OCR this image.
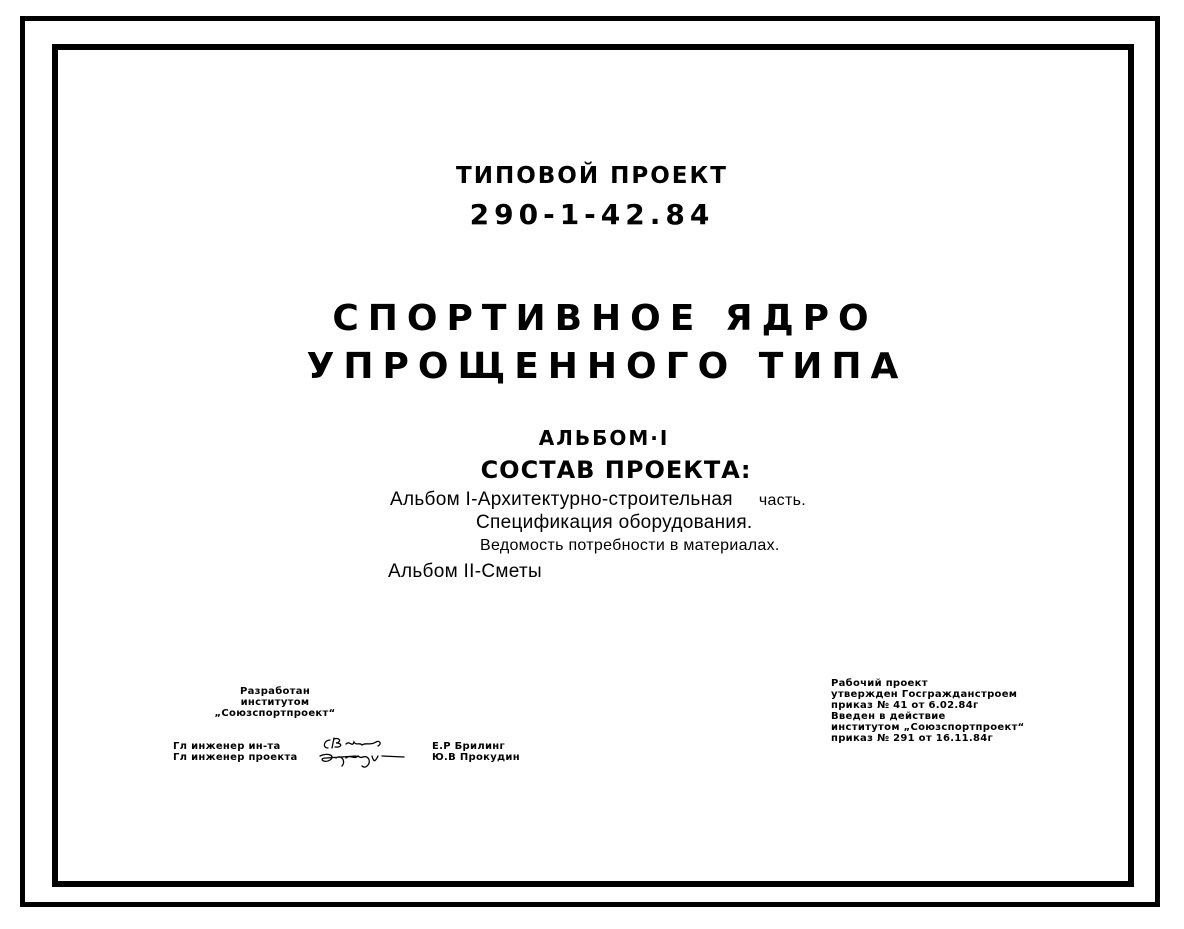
ТИПОВОЙ ПРОЕКТ
290-1-42.84
СПОРТИВНОЕ ЯДРО
УПРОЩЕННОГО ТИПА
АЛЬБОМ·I
СОСТАВ ПРОЕКТА:
Альбом I-Архитектурно-строительная часть.
Спецификация оборудования.
Ведомость потребности в материалах.
Альбом II-Сметы
Разработан
институтом
„Союзспортпроект“
Гл инженер ин-та
Гл инженер проекта
Е.Р Брилинг
Ю.В Прокудин
Рабочий проект
утвержден Госгражданстроем
приказ № 41 от 6.02.84г
Введен в действие
институтом „Союзспортпроект“
приказ № 291 от 16.11.84г
